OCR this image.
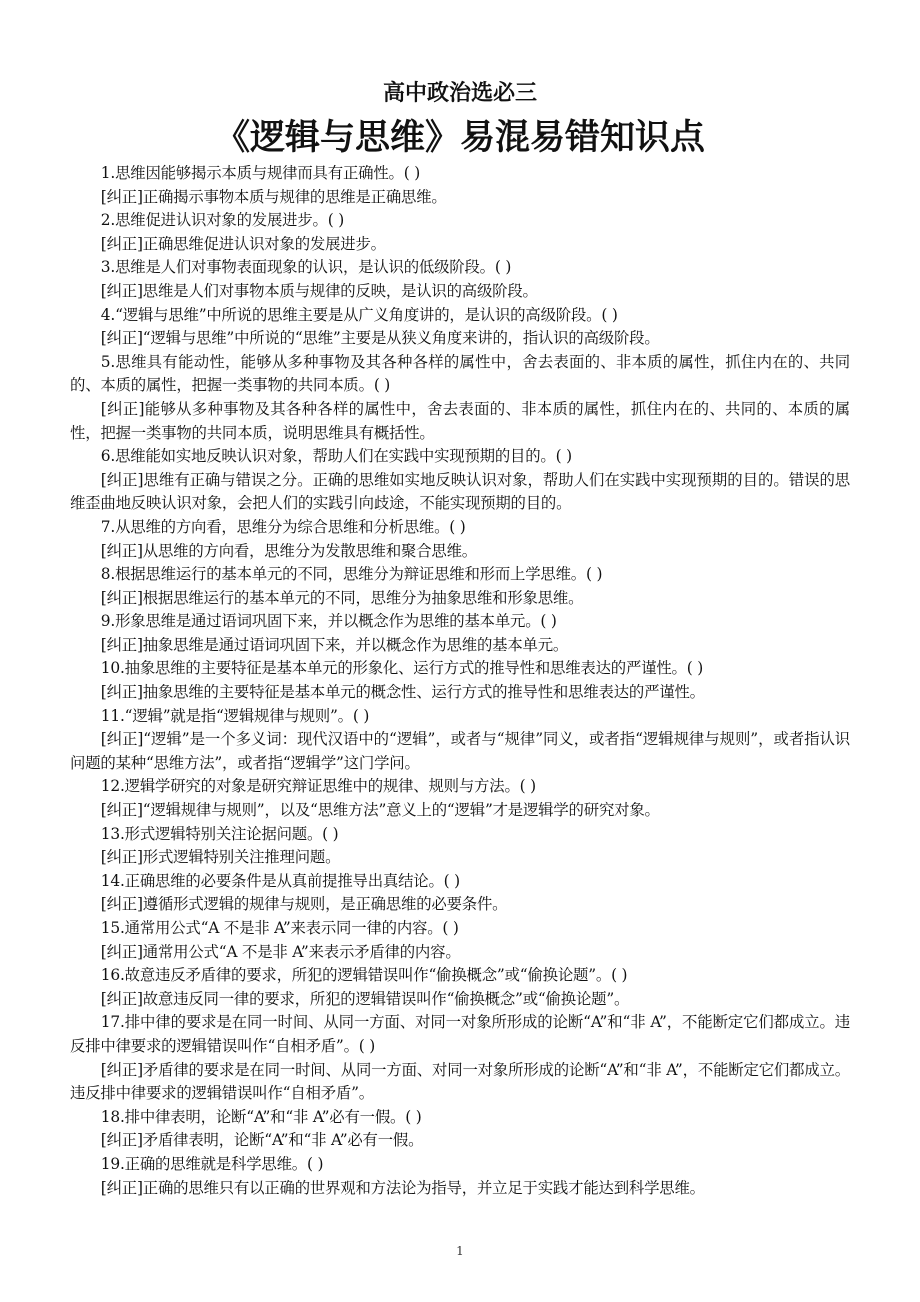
高中政治选必三
《逻辑与思维》易混易错知识点

1.思维因能够揭示本质与规律而具有正确性。( )

[纠正]正确揭示事物本质与规律的思维是正确思维。

2.思维促进认识对象的发展进步。( )

[纠正]正确思维促进认识对象的发展进步。

3.思维是人们对事物表面现象的认识，是认识的低级阶段。( )

[纠正]思维是人们对事物本质与规律的反映，是认识的高级阶段。

4.“逻辑与思维”中所说的思维主要是从广义角度讲的，是认识的高级阶段。( )

[纠正]“逻辑与思维”中所说的“思维”主要是从狭义角度来讲的，指认识的高级阶段。

5.思维具有能动性，能够从多种事物及其各种各样的属性中，舍去表面的、非本质的属性，抓住内在的、共同的、本质的属性，把握一类事物的共同本质。( )

[纠正]能够从多种事物及其各种各样的属性中，舍去表面的、非本质的属性，抓住内在的、共同的、本质的属性，把握一类事物的共同本质，说明思维具有概括性。

6.思维能如实地反映认识对象，帮助人们在实践中实现预期的目的。( )

[纠正]思维有正确与错误之分。正确的思维如实地反映认识对象，帮助人们在实践中实现预期的目的。错误的思维歪曲地反映认识对象，会把人们的实践引向歧途，不能实现预期的目的。

7.从思维的方向看，思维分为综合思维和分析思维。( )

[纠正]从思维的方向看，思维分为发散思维和聚合思维。

8.根据思维运行的基本单元的不同，思维分为辩证思维和形而上学思维。( )

[纠正]根据思维运行的基本单元的不同，思维分为抽象思维和形象思维。

9.形象思维是通过语词巩固下来，并以概念作为思维的基本单元。( )

[纠正]抽象思维是通过语词巩固下来，并以概念作为思维的基本单元。

10.抽象思维的主要特征是基本单元的形象化、运行方式的推导性和思维表达的严谨性。( )

[纠正]抽象思维的主要特征是基本单元的概念性、运行方式的推导性和思维表达的严谨性。

11.“逻辑”就是指“逻辑规律与规则”。( )

[纠正]“逻辑”是一个多义词：现代汉语中的“逻辑”，或者与“规律”同义，或者指“逻辑规律与规则”，或者指认识问题的某种“思维方法”，或者指“逻辑学”这门学问。

12.逻辑学研究的对象是研究辩证思维中的规律、规则与方法。( )

[纠正]“逻辑规律与规则”，以及“思维方法”意义上的“逻辑”才是逻辑学的研究对象。

13.形式逻辑特别关注论据问题。( )

[纠正]形式逻辑特别关注推理问题。

14.正确思维的必要条件是从真前提推导出真结论。( )

[纠正]遵循形式逻辑的规律与规则，是正确思维的必要条件。

15.通常用公式“A 不是非 A”来表示同一律的内容。( )

[纠正]通常用公式“A 不是非 A”来表示矛盾律的内容。

16.故意违反矛盾律的要求，所犯的逻辑错误叫作“偷换概念”或“偷换论题”。( )

[纠正]故意违反同一律的要求，所犯的逻辑错误叫作“偷换概念”或“偷换论题”。

17.排中律的要求是在同一时间、从同一方面、对同一对象所形成的论断“A”和“非 A”，不能断定它们都成立。违反排中律要求的逻辑错误叫作“自相矛盾”。( )

[纠正]矛盾律的要求是在同一时间、从同一方面、对同一对象所形成的论断“A”和“非 A”，不能断定它们都成立。违反排中律要求的逻辑错误叫作“自相矛盾”。

18.排中律表明，论断“A”和“非 A”必有一假。( )

[纠正]矛盾律表明，论断“A”和“非 A”必有一假。

19.正确的思维就是科学思维。( )

[纠正]正确的思维只有以正确的世界观和方法论为指导，并立足于实践才能达到科学思维。

1
